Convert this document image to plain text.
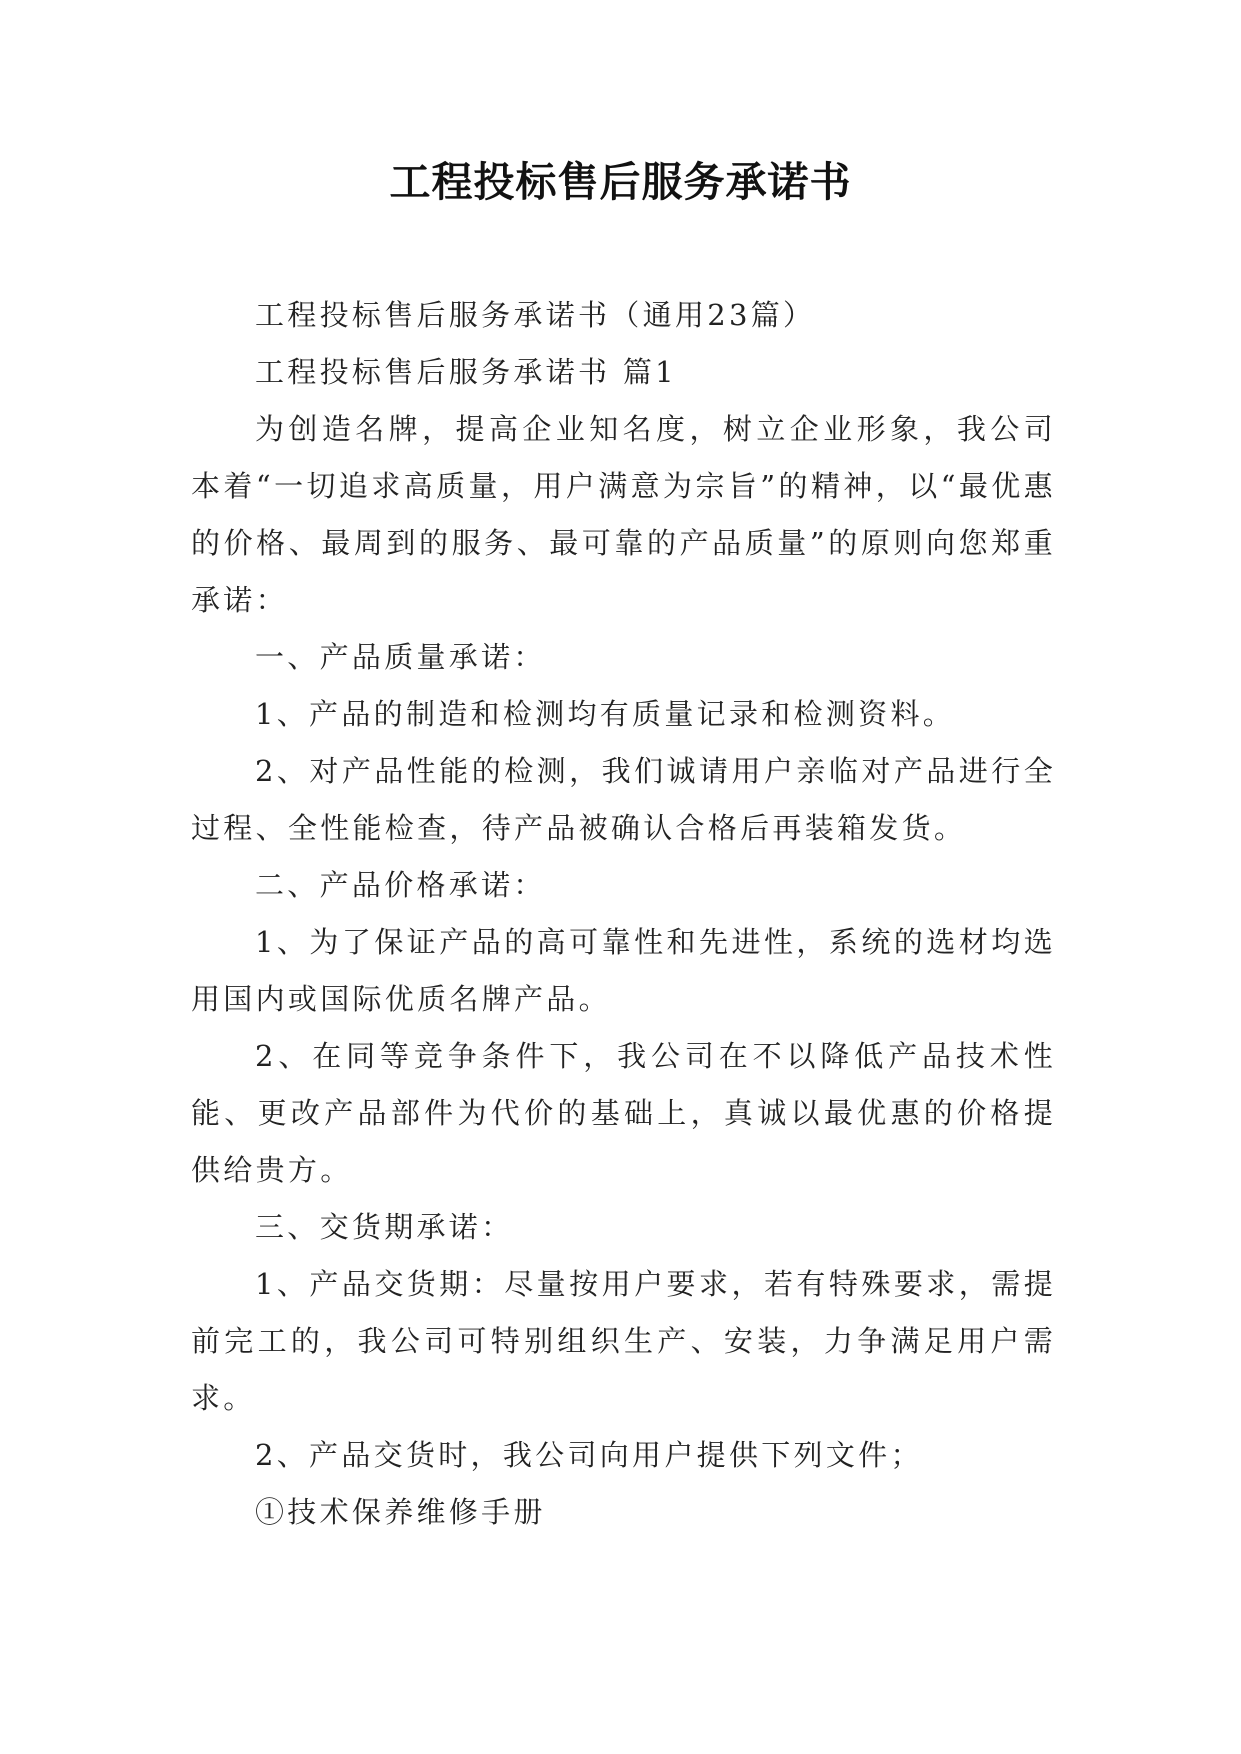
工程投标售后服务承诺书

工程投标售后服务承诺书（通用23篇）

工程投标售后服务承诺书 篇1

为创造名牌，提高企业知名度，树立企业形象，我公司本着“一切追求高质量，用户满意为宗旨”的精神，以“最优惠的价格、最周到的服务、最可靠的产品质量”的原则向您郑重承诺：

一、产品质量承诺：

1、产品的制造和检测均有质量记录和检测资料。

2、对产品性能的检测，我们诚请用户亲临对产品进行全过程、全性能检查，待产品被确认合格后再装箱发货。

二、产品价格承诺：

1、为了保证产品的高可靠性和先进性，系统的选材均选用国内或国际优质名牌产品。

2、在同等竞争条件下，我公司在不以降低产品技术性能、更改产品部件为代价的基础上，真诚以最优惠的价格提供给贵方。

三、交货期承诺：

1、产品交货期：尽量按用户要求，若有特殊要求，需提前完工的，我公司可特别组织生产、安装，力争满足用户需求。

2、产品交货时，我公司向用户提供下列文件；

①技术保养维修手册
